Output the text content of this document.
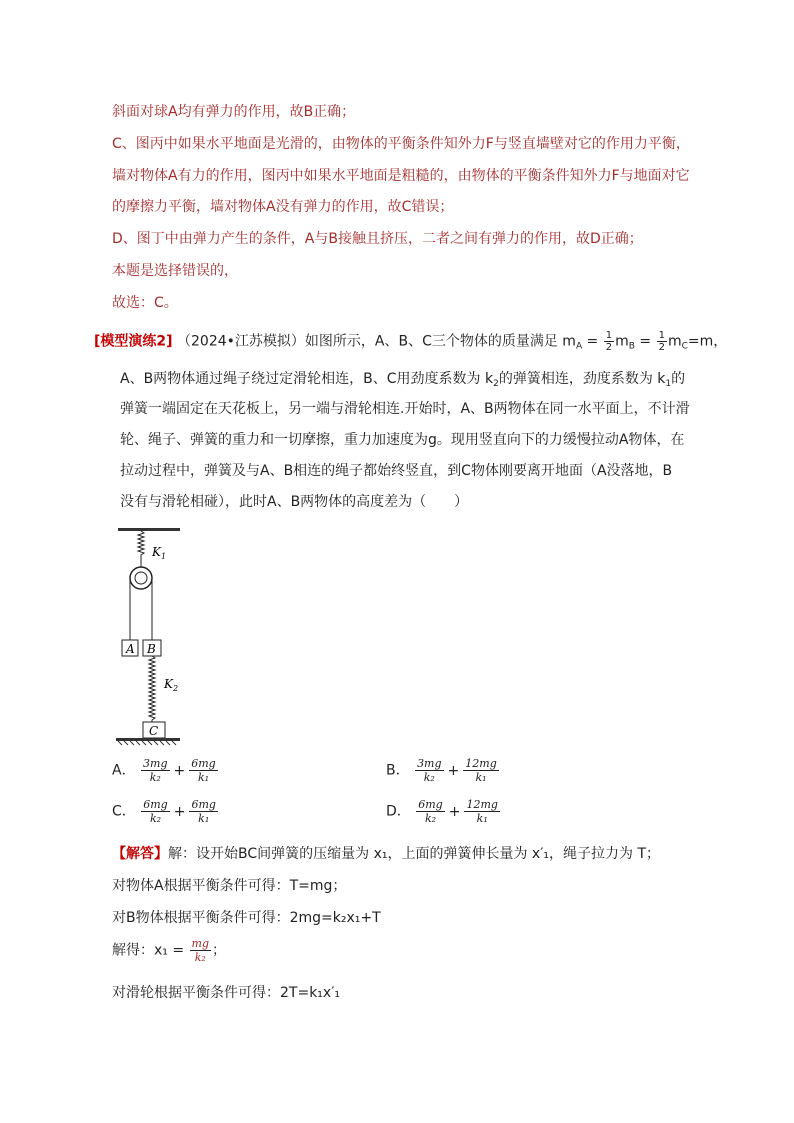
斜面对球A均有弹力的作用，故B正确；
C、图丙中如果水平地面是光滑的，由物体的平衡条件知外力F与竖直墙壁对它的作用力平衡，
墙对物体A有力的作用，图丙中如果水平地面是粗糙的，由物体的平衡条件知外力F与地面对它
的摩擦力平衡，墙对物体A没有弹力的作用，故C错误；
D、图丁中由弹力产生的条件，A与B接触且挤压，二者之间有弹力的作用，故D正确；
本题是选择错误的，
故选：C。
[模型演练2] （2024•江苏模拟）如图所示，A、B、C三个物体的质量满足 $m_A = \frac{1}{2} m_B = \frac{1}{2} m_C=m$，
A、B两物体通过绳子绕过定滑轮相连，B、C用劲度系数为 $k_2$的弹簧相连，劲度系数为 $k_1$的
弹簧一端固定在天花板上，另一端与滑轮相连.开始时，A、B两物体在同一水平面上，不计滑
轮、绳子、弹簧的重力和一切摩擦，重力加速度为g。现用竖直向下的力缓慢拉动A物体，在
拉动过程中，弹簧及与A、B相连的绳子都始终竖直，到C物体刚要离开地面（A没落地，B
没有与滑轮相碰），此时A、B两物体的高度差为（　　）
$K_1$
A B
$K_2$
C
A． $\frac{3mg}{\text{k₂}} + \frac{6mg}{\text{k₁}}$	B． $\frac{3mg}{\text{k₂}} + \frac{12mg}{\text{k₁}}$
C． $\frac{6mg}{\text{k₂}} + \frac{6mg}{\text{k₁}}$	D． $\frac{6mg}{\text{k₂}} + \frac{12mg}{\text{k₁}}$
【解答】解：设开始BC间弹簧的压缩量为 x₁，上面的弹簧伸长量为 x′₁，绳子拉力为 T；
对物体A根据平衡条件可得：T=mg；
对B物体根据平衡条件可得：2mg=k₂x₁+T
解得：$x_1 = \frac{mg}{\text{k₂}}$ ；
对滑轮根据平衡条件可得：2T=k₁x′₁
